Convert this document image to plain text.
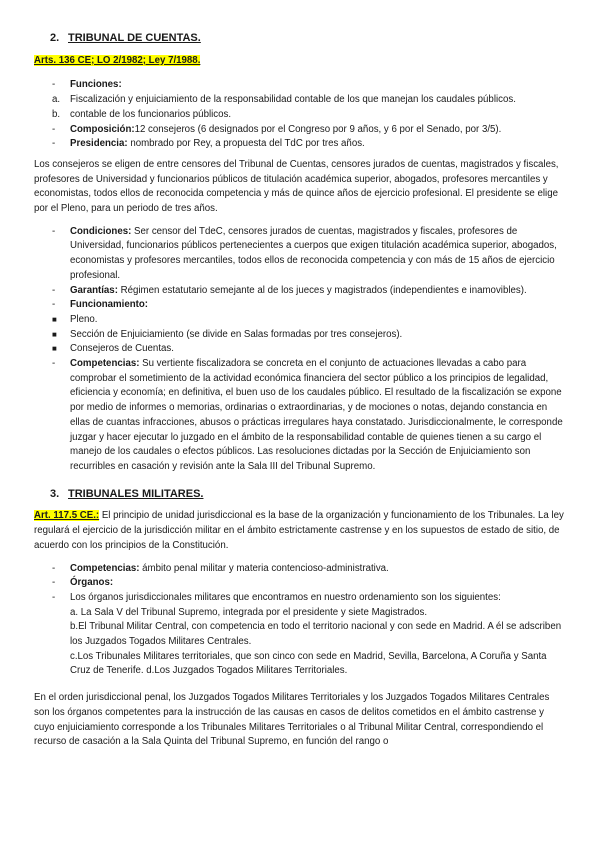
2. TRIBUNAL DE CUENTAS.
Arts. 136 CE; LO 2/1982; Ley 7/1988.
-	Funciones:
a.	Fiscalización y enjuiciamiento de la responsabilidad contable de los que manejan los caudales públicos.
b.	contable de los funcionarios públicos.
-	Composición:12 consejeros (6 designados por el Congreso por 9 años, y 6 por el Senado, por 3/5).
-	Presidencia: nombrado por Rey, a propuesta del TdC por tres años.

Los consejeros se eligen de entre censores del Tribunal de Cuentas, censores jurados de cuentas, magistrados y fiscales, profesores de Universidad y funcionarios públicos de titulación académica superior, abogados, profesores mercantiles y economistas, todos ellos de reconocida competencia y más de quince años de ejercicio profesional. El presidente se elige por el Pleno, para un periodo de tres años.

-	Condiciones: Ser censor del TdeC, censores jurados de cuentas, magistrados y fiscales, profesores de Universidad, funcionarios públicos pertenecientes a cuerpos que exigen titulación académica superior, abogados, economistas y profesores mercantiles, todos ellos de reconocida competencia y con más de 15 años de ejercicio profesional.
-	Garantías: Régimen estatutario semejante al de los jueces y magistrados (independientes e inamovibles).
-	Funcionamiento:
■	Pleno.
■	Sección de Enjuiciamiento (se divide en Salas formadas por tres consejeros).
■	Consejeros de Cuentas.
-	Competencias: Su vertiente fiscalizadora se concreta en el conjunto de actuaciones llevadas a cabo para comprobar el sometimiento de la actividad económica financiera del sector público a los principios de legalidad, eficiencia y economía; en definitiva, el buen uso de los caudales público. El resultado de la fiscalización se expone por medio de informes o memorias, ordinarias o extraordinarias, y de mociones o notas, dejando constancia en ellas de cuantas infracciones, abusos o prácticas irregulares haya constatado. Jurisdiccionalmente, le corresponde juzgar y hacer ejecutar lo juzgado en el ámbito de la responsabilidad contable de quienes tienen a su cargo el manejo de los caudales o efectos públicos. Las resoluciones dictadas por la Sección de Enjuiciamiento son recurribles en casación y revisión ante la Sala III del Tribunal Supremo.
3. TRIBUNALES MILITARES.

Art. 117.5 CE.: El principio de unidad jurisdiccional es la base de la organización y funcionamiento de los Tribunales. La ley regulará el ejercicio de la jurisdicción militar en el ámbito estrictamente castrense y en los supuestos de estado de sitio, de acuerdo con los principios de la Constitución.

-	Competencias: ámbito penal militar y materia contencioso-administrativa.
-	Órganos:
-	Los órganos jurisdiccionales militares que encontramos en nuestro ordenamiento son los siguientes:
a. La Sala V del Tribunal Supremo, integrada por el presidente y siete Magistrados.
b.El Tribunal Militar Central, con competencia en todo el territorio nacional y con sede en Madrid. A él se adscriben los Juzgados Togados Militares Centrales.
c.Los Tribunales Militares territoriales, que son cinco con sede en Madrid, Sevilla, Barcelona, A Coruña y Santa Cruz de Tenerife. d.Los Juzgados Togados Militares Territoriales.

En el orden jurisdiccional penal, los Juzgados Togados Militares Territoriales y los Juzgados Togados Militares Centrales son los órganos competentes para la instrucción de las causas en casos de delitos cometidos en el ámbito castrense y cuyo enjuiciamiento corresponde a los Tribunales Militares Territoriales o al Tribunal Militar Central, correspondiendo el recurso de casación a la Sala Quinta del Tribunal Supremo, en función del rango o
